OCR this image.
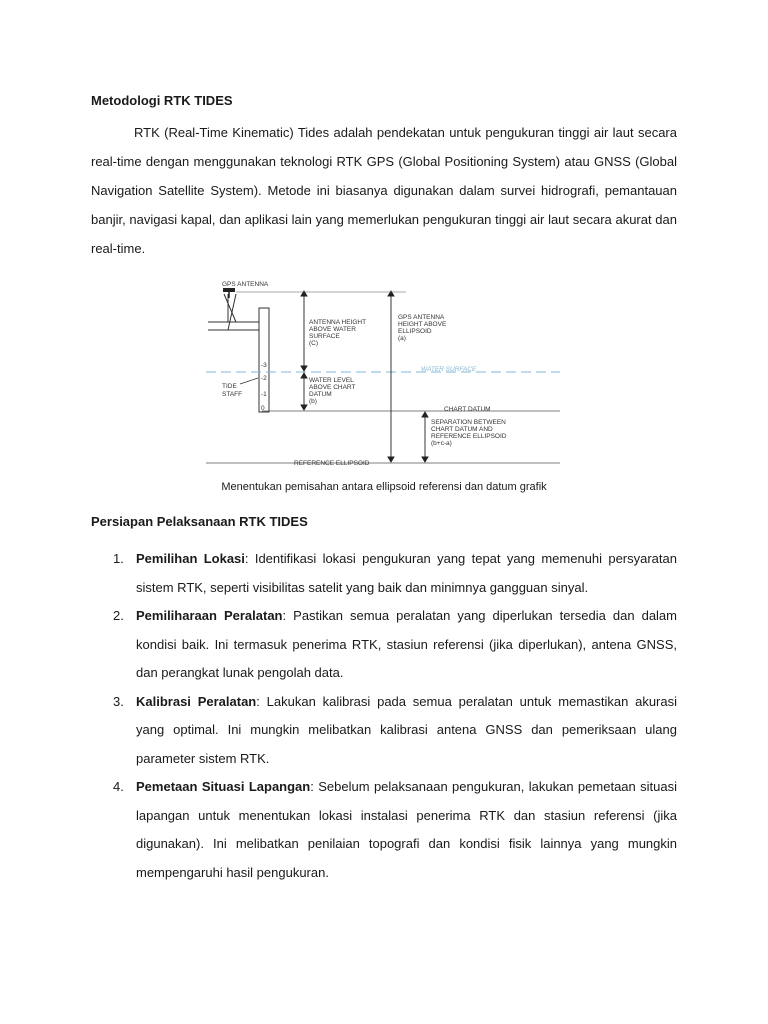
Metodologi RTK TIDES

RTK (Real-Time Kinematic) Tides adalah pendekatan untuk pengukuran tinggi air laut secara real-time dengan menggunakan teknologi RTK GPS (Global Positioning System) atau GNSS (Global Navigation Satellite System). Metode ini biasanya digunakan dalam survei hidrografi, pemantauan banjir, navigasi kapal, dan aplikasi lain yang memerlukan pengukuran tinggi air laut secara akurat dan real-time.

GPS ANTENNA
-3
-2
-1
0
TIDE
STAFF
WATER SURFACE
CHART DATUM
REFERENCE ELLIPSOID
ANTENNA HEIGHT
ABOVE WATER
SURFACE
(C)
WATER LEVEL
ABOVE CHART
DATUM
(b)
GPS ANTENNA
HEIGHT ABOVE
ELLIPSOID
(a)
SEPARATION BETWEEN
CHART DATUM AND
REFERENCE ELLIPSOID
(b+c-a)

Menentukan pemisahan antara ellipsoid referensi dan datum grafik

Persiapan Pelaksanaan RTK TIDES
1. Pemilihan Lokasi: Identifikasi lokasi pengukuran yang tepat yang memenuhi persyaratan sistem RTK, seperti visibilitas satelit yang baik dan minimnya gangguan sinyal.
2. Pemiliharaan Peralatan: Pastikan semua peralatan yang diperlukan tersedia dan dalam kondisi baik. Ini termasuk penerima RTK, stasiun referensi (jika diperlukan), antena GNSS, dan perangkat lunak pengolah data.
3. Kalibrasi Peralatan: Lakukan kalibrasi pada semua peralatan untuk memastikan akurasi yang optimal. Ini mungkin melibatkan kalibrasi antena GNSS dan pemeriksaan ulang parameter sistem RTK.
4. Pemetaan Situasi Lapangan: Sebelum pelaksanaan pengukuran, lakukan pemetaan situasi lapangan untuk menentukan lokasi instalasi penerima RTK dan stasiun referensi (jika digunakan). Ini melibatkan penilaian topografi dan kondisi fisik lainnya yang mungkin mempengaruhi hasil pengukuran.
